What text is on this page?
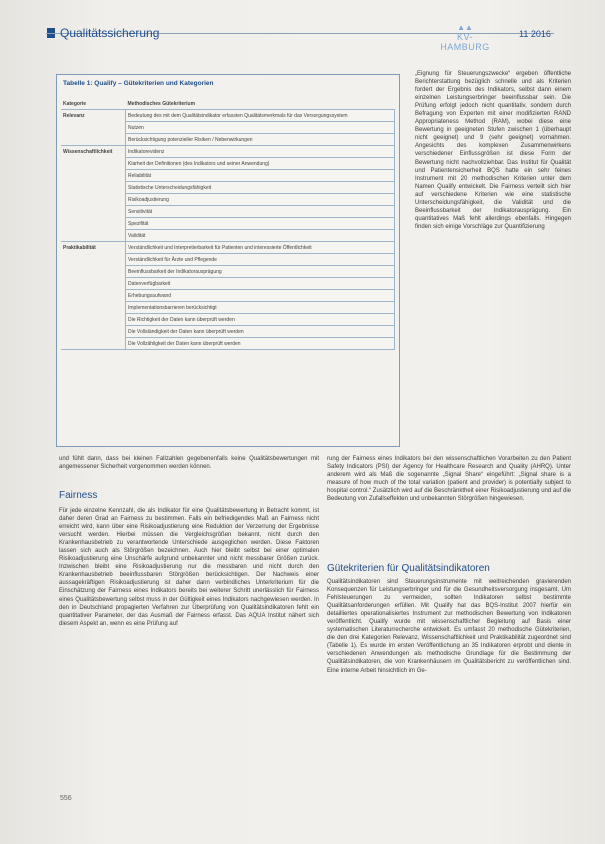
Qualitätssicherung	▲▲
KV-HAMBURG
11 2016
Tabelle 1: Qualify – Gütekriterien und Kategorien
Kategorie	Methodisches Gütekriterium
Relevanz	Bedeutung des mit dem Qualitätsindikator erfassten Qualitätsmerkmals für das Versorgungssystem
	Nutzen
	Berücksichtigung potenzieller Risiken / Nebenwirkungen
Wissenschaftlichkeit	Indikatorevidenz
	Klarheit der Definitionen (des Indikators und seiner Anwendung)
	Reliabilität
	Statistische Unterscheidungsfähigkeit
	Risikoadjustierung
	Sensitivität
	Spezifität
	Validität
Praktikabilität	Verständlichkeit und Interpretierbarkeit für Patienten und interessierte Öffentlichkeit
	Verständlichkeit für Ärzte und Pflegende
	Beeinflussbarkeit der Indikatorausprägung
	Datenverfügbarkeit
	Erhebungsaufwand
	Implementationsbarrieren berücksichtigt
	Die Richtigkeit der Daten kann überprüft werden
	Die Vollständigkeit der Daten kann überprüft werden
	Die Vollzähligkeit der Daten kann überprüft werden
„Eignung für Steuerungszwecke“ ergeben öffentliche Berichterstattung bezüglich schnelle und als Kriterien fordert der Ergebnis des Indikators, selbst dann einem einzelnen Leistungserbringer beeinflussbar sein. Die Prüfung erfolgt jedoch nicht quantitativ, sondern durch Befragung von Experten mit einer modifizierten RAND Appropriateness Method (RAM), wobei diese eine Bewertung in geeigneten Stufen zwischen 1 (überhaupt nicht geeignet) und 9 (sehr geeignet) vornahmen. Angesichts des komplexen Zusammenwirkens verschiedener Einflussgrößen ist diese Form der Bewertung nicht nachvollziehbar. Das Institut für Qualität und Patientensicherheit BQS hatte ein sehr feines Instrument mit 20 methodischen Kriterien unter dem Namen Qualify entwickelt. Die Fairness verteilt sich hier auf verschiedene Kriterien wie eine statistische Unterscheidungsfähigkeit, die Validität und die Beeinflussbarkeit der Indikatorausprägung. Ein quantitatives Maß fehlt allerdings ebenfalls. Hingegen finden sich einige Vorschläge zur Quantifizierung
und fühlt dann, dass bei kleinen Fallzahlen gegebenenfalls keine Qualitätsbewertungen mit angemessener Sicherheit vorgenommen werden können.
Fairness
Für jede einzelne Kennzahl, die als Indikator für eine Qualitätsbewertung in Betracht kommt, ist daher deren Grad an Fairness zu bestimmen. Falls ein befriedigendes Maß an Fairness nicht erreicht wird, kann über eine Risikoadjustierung eine Reduktion der Verzerrung der Ergebnisse versucht werden. Hierbei müssen die Vergleichsgrößen bekannt, nicht durch den Krankenhausbetrieb zu verantwortende Unterschiede ausgeglichen werden. Diese Faktoren lassen sich auch als Störgrößen bezeichnen. Auch hier bleibt selbst bei einer optimalen Risikoadjustierung eine Unschärfe aufgrund unbekannter und nicht messbarer Größen zurück. Inzwischen bleibt eine Risikoadjustierung nur die messbaren und nicht durch den Krankenhausbetrieb beeinflussbaren Störgrößen berücksichtigen. Der Nachweis einer aussagekräftigen Risikoadjustierung ist daher dann verbindliches Unterkriterium für die Einschätzung der Fairness eines Indikators bereits bei weiterer Schritt unerlässlich für Fairness eines Qualitätsbewertung selbst muss in der Gültigkeit eines Indikators nachgewiesen werden. In den in Deutschland propagierten Verfahren zur Überprüfung von Qualitätsindikatoren fehlt ein quantitativer Parameter, der das Ausmaß der Fairness erfasst. Das AQUA Institut nähert sich diesem Aspekt an, wenn es eine Prüfung auf
rung der Fairness eines Indikators bei den wissenschaftlichen Vorarbeiten zu den Patient Safety Indicators (PSI) der Agency for Healthcare Research and Quality (AHRQ). Unter anderem wird als Maß die sogenannte „Signal Share“ eingeführt: „Signal share is a measure of how much of the total variation (patient and provider) is potentially subject to hospital control.“ Zusätzlich wird auf die Beschränktheit einer Risikoadjustierung und auf die Bedeutung von Zufallseffekten und unbekannten Störgrößen hingewiesen.
Gütekriterien für Qualitätsindikatoren
Qualitätsindikatoren sind Steuerungsinstrumente mit weitreichenden gravierenden Konsequenzen für Leistungserbringer und für die Gesundheitsversorgung insgesamt. Um Fehlsteuerungen zu vermeiden, sollten Indikatoren selbst bestimmte Qualitätsanforderungen erfüllen. Mit Qualify hat das BQS-Institut 2007 hierfür ein detailliertes operationalisiertes Instrument zur methodischen Bewertung von Indikatoren veröffentlicht. Qualify wurde mit wissenschaftlicher Begleitung auf Basis einer systematischen Literaturrecherche entwickelt. Es umfasst 20 methodische Gütekriterien, die den drei Kategorien Relevanz, Wissenschaftlichkeit und Praktikabilität zugeordnet sind (Tabelle 1). Es wurde im ersten Veröffentlichung an 35 Indikatoren erprobt und diente in verschiedenen Anwendungen als methodische Grundlage für die Bestimmung der Qualitätsindikatoren, die von Krankenhäusern im Qualitätsbericht zu veröffentlichen sind. Eine interne Arbeit hinsichtlich im Ge-
556
